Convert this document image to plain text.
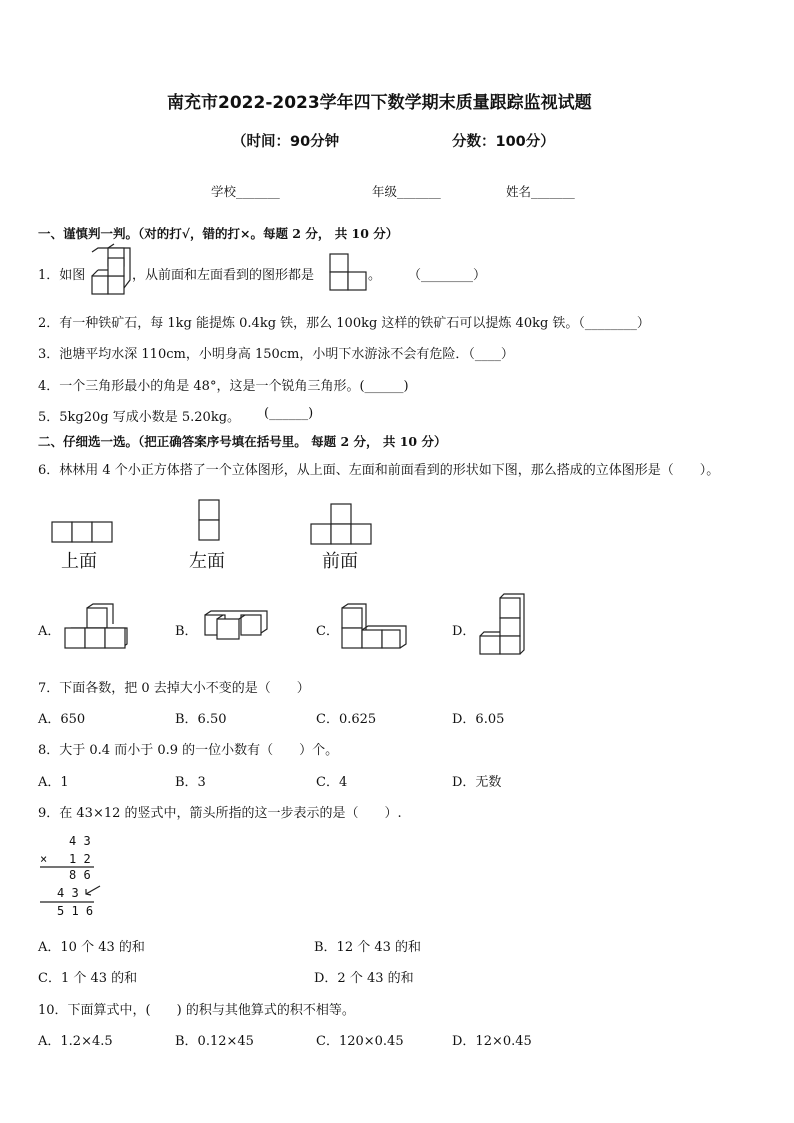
南充市2022-2023学年四下数学期末质量跟踪监视试题
（时间：90分钟	分数：100分）
学校_______	年级_______	姓名_______
一、谨慎判一判。（对的打√，错的打×。每题 2 分， 共 10 分）
1．如图	，从前面和左面看到的图形都是	。 （________）
2．有一种铁矿石，每 1kg 能提炼 0.4kg 铁，那么 100kg 这样的铁矿石可以提炼 40kg 铁。（________）
3．池塘平均水深 110cm，小明身高 150cm，小明下水游泳不会有危险．（____）
4．一个三角形最小的角是 48°，这是一个锐角三角形。(______)
5．5kg20g 写成小数是 5.20kg。 (______)
二、仔细选一选。（把正确答案序号填在括号里。 每题 2 分， 共 10 分）
6．林林用 4 个小正方体搭了一个立体图形，从上面、左面和前面看到的形状如下图，那么搭成的立体图形是（　　）。
上面	左面	前面
A．	B．	C．	D．
7．下面各数，把 0 去掉大小不变的是（　　）
A．650	B．6.50	C．0.625	D．6.05
8．大于 0.4 而小于 0.9 的一位小数有（　　）个。
A．1	B．3	C．4	D．无数
9．在 43×12 的竖式中，箭头所指的这一步表示的是（　　）.
4 3
× 1 2
8 6
4 3
5 1 6
A．10 个 43 的和	B．12 个 43 的和
C．1 个 43 的和	D．2 个 43 的和
10．下面算式中，(　　) 的积与其他算式的积不相等。
A．1.2×4.5	B．0.12×45	C．120×0.45	D．12×0.45
